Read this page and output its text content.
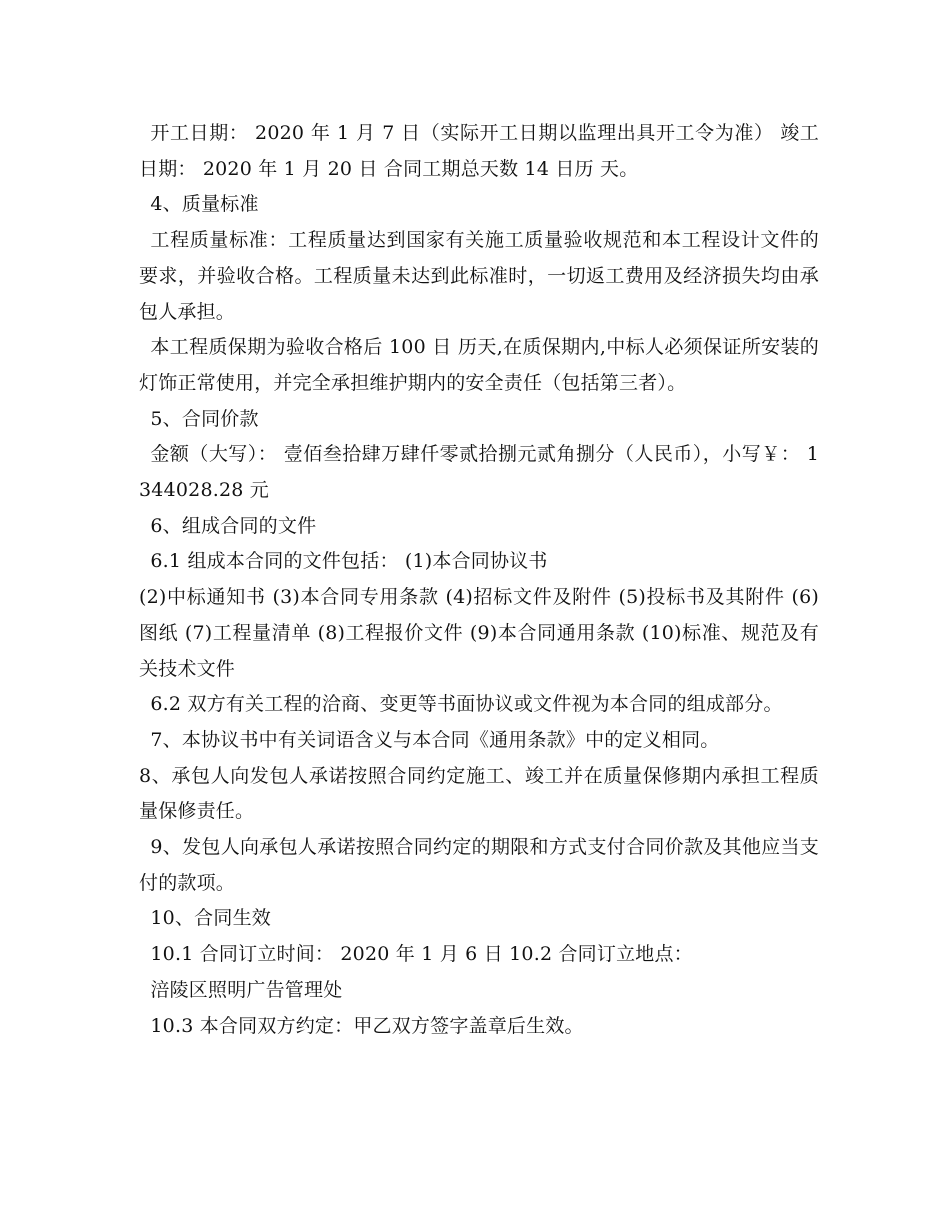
开工日期： 2020 年 1 月 7 日（实际开工日期以监理出具开工令为准） 竣工日期： 2020 年 1 月 20 日 合同工期总天数 14 日历 天。

4、质量标准

工程质量标准：工程质量达到国家有关施工质量验收规范和本工程设计文件的要求，并验收合格。工程质量未达到此标准时，一切返工费用及经济损失均由承包人承担。

本工程质保期为验收合格后 100 日 历天,在质保期内,中标人必须保证所安装的灯饰正常使用，并完全承担维护期内的安全责任（包括第三者）。

5、合同价款

金额（大写）： 壹佰叁拾肆万肆仟零贰拾捌元贰角捌分（人民币），小写￥： 1344028.28 元

6、组成合同的文件

6.1 组成本合同的文件包括： (1)本合同协议书

(2)中标通知书 (3)本合同专用条款 (4)招标文件及附件 (5)投标书及其附件 (6)图纸 (7)工程量清单 (8)工程报价文件 (9)本合同通用条款 (10)标准、规范及有关技术文件

6.2 双方有关工程的洽商、变更等书面协议或文件视为本合同的组成部分。

7、本协议书中有关词语含义与本合同《通用条款》中的定义相同。

8、承包人向发包人承诺按照合同约定施工、竣工并在质量保修期内承担工程质量保修责任。

9、发包人向承包人承诺按照合同约定的期限和方式支付合同价款及其他应当支付的款项。

10、合同生效

10.1 合同订立时间： 2020 年 1 月 6 日 10.2 合同订立地点：

涪陵区照明广告管理处

10.3 本合同双方约定：甲乙双方签字盖章后生效。
